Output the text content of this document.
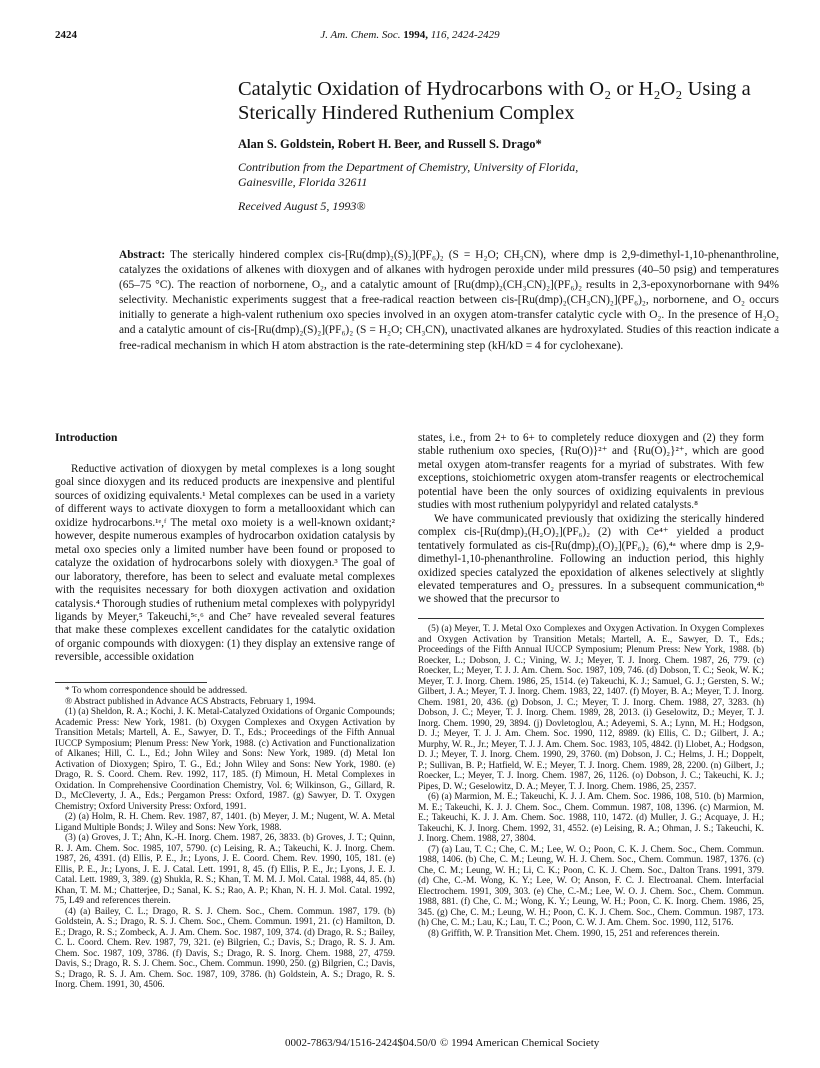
2424	J. Am. Chem. Soc. 1994, 116, 2424-2429
Catalytic Oxidation of Hydrocarbons with O₂ or H₂O₂ Using a Sterically Hindered Ruthenium Complex
Alan S. Goldstein, Robert H. Beer, and Russell S. Drago*
Contribution from the Department of Chemistry, University of Florida,
Gainesville, Florida 32611
Received August 5, 1993®
Abstract: The sterically hindered complex cis-[Ru(dmp)₂(S)₂](PF₆)₂ (S = H₂O; CH₃CN), where dmp is 2,9-dimethyl-1,10-phenanthroline, catalyzes the oxidations of alkenes with dioxygen and of alkanes with hydrogen peroxide under mild pressures (40–50 psig) and temperatures (65–75 °C). The reaction of norbornene, O₂, and a catalytic amount of [Ru(dmp)₂(CH₃CN)₂](PF₆)₂ results in 2,3-epoxynorbornane with 94% selectivity. Mechanistic experiments suggest that a free-radical reaction between cis-[Ru(dmp)₂(CH₃CN)₂](PF₆)₂, norbornene, and O₂ occurs initially to generate a high-valent ruthenium oxo species involved in an oxygen atom-transfer catalytic cycle with O₂. In the presence of H₂O₂ and a catalytic amount of cis-[Ru(dmp)₂(S)₂](PF₆)₂ (S = H₂O; CH₃CN), unactivated alkanes are hydroxylated. Studies of this reaction indicate a free-radical mechanism in which H atom abstraction is the rate-determining step (kH/kD = 4 for cyclohexane).
Introduction

Reductive activation of dioxygen by metal complexes is a long sought goal since dioxygen and its reduced products are inexpensive and plentiful sources of oxidizing equivalents.¹ Metal complexes can be used in a variety of different ways to activate dioxygen to form a metallooxidant which can oxidize hydrocarbons.¹ᵉ,ᶠ The metal oxo moiety is a well-known oxidant;² however, despite numerous examples of hydrocarbon oxidation catalysis by metal oxo species only a limited number have been found or proposed to catalyze the oxidation of hydrocarbons solely with dioxygen.³ The goal of our laboratory, therefore, has been to select and evaluate metal complexes with the requisites necessary for both dioxygen activation and oxidation catalysis.⁴ Thorough studies of ruthenium metal complexes with polypyridyl ligands by Meyer,⁵ Takeuchi,⁵ᶜ,⁶ and Che⁷ have revealed several features that make these complexes excellent candidates for the catalytic oxidation of organic compounds with dioxygen: (1) they display an extensive range of reversible, accessible oxidation

states, i.e., from 2+ to 6+ to completely reduce dioxygen and (2) they form stable ruthenium oxo species, {Ru(O)}²⁺ and {Ru(O)₂}²⁺, which are good metal oxygen atom-transfer reagents for a myriad of substrates. With few exceptions, stoichiometric oxygen atom-transfer reagents or electrochemical potential have been the only sources of oxidizing equivalents in previous studies with most ruthenium polypyridyl and related catalysts.⁸

We have communicated previously that oxidizing the sterically hindered complex cis-[Ru(dmp)₂(H₂O)₂](PF₆)₂ (2) with Ce⁴⁺ yielded a product tentatively formulated as cis-[Ru(dmp)₂(O)₂](PF₆)₂ (6),⁴ᵃ where dmp is 2,9-dimethyl-1,10-phenanthroline. Following an induction period, this highly oxidized species catalyzed the epoxidation of alkenes selectively at slightly elevated temperatures and O₂ pressures. In a subsequent communication,⁴ᵇ we showed that the precursor to

* To whom correspondence should be addressed.

® Abstract published in Advance ACS Abstracts, February 1, 1994.

(1) (a) Sheldon, R. A.; Kochi, J. K. Metal-Catalyzed Oxidations of Organic Compounds; Academic Press: New York, 1981. (b) Oxygen Complexes and Oxygen Activation by Transition Metals; Martell, A. E., Sawyer, D. T., Eds.; Proceedings of the Fifth Annual IUCCP Symposium; Plenum Press: New York, 1988. (c) Activation and Functionalization of Alkanes; Hill, C. L., Ed.; John Wiley and Sons: New York, 1989. (d) Metal Ion Activation of Dioxygen; Spiro, T. G., Ed.; John Wiley and Sons: New York, 1980. (e) Drago, R. S. Coord. Chem. Rev. 1992, 117, 185. (f) Mimoun, H. Metal Complexes in Oxidation. In Comprehensive Coordination Chemistry, Vol. 6; Wilkinson, G., Gillard, R. D., McCleverty, J. A., Eds.; Pergamon Press: Oxford, 1987. (g) Sawyer, D. T. Oxygen Chemistry; Oxford University Press: Oxford, 1991.

(2) (a) Holm, R. H. Chem. Rev. 1987, 87, 1401. (b) Meyer, J. M.; Nugent, W. A. Metal Ligand Multiple Bonds; J. Wiley and Sons: New York, 1988.

(3) (a) Groves, J. T.; Ahn, K.-H. Inorg. Chem. 1987, 26, 3833. (b) Groves, J. T.; Quinn, R. J. Am. Chem. Soc. 1985, 107, 5790. (c) Leising, R. A.; Takeuchi, K. J. Inorg. Chem. 1987, 26, 4391. (d) Ellis, P. E., Jr.; Lyons, J. E. Coord. Chem. Rev. 1990, 105, 181. (e) Ellis, P. E., Jr.; Lyons, J. E. J. Catal. Lett. 1991, 8, 45. (f) Ellis, P. E., Jr.; Lyons, J. E. J. Catal. Lett. 1989, 3, 389. (g) Shukla, R. S.; Khan, T. M. M. J. Mol. Catal. 1988, 44, 85. (h) Khan, T. M. M.; Chatterjee, D.; Sanal, K. S.; Rao, A. P.; Khan, N. H. J. Mol. Catal. 1992, 75, L49 and references therein.

(4) (a) Bailey, C. L.; Drago, R. S. J. Chem. Soc., Chem. Commun. 1987, 179. (b) Goldstein, A. S.; Drago, R. S. J. Chem. Soc., Chem. Commun. 1991, 21. (c) Hamilton, D. E.; Drago, R. S.; Zombeck, A. J. Am. Chem. Soc. 1987, 109, 374. (d) Drago, R. S.; Bailey, C. L. Coord. Chem. Rev. 1987, 79, 321. (e) Bilgrien, C.; Davis, S.; Drago, R. S. J. Am. Chem. Soc. 1987, 109, 3786. (f) Davis, S.; Drago, R. S. Inorg. Chem. 1988, 27, 4759. Davis, S.; Drago, R. S. J. Chem. Soc., Chem. Commun. 1990, 250. (g) Bilgrien, C.; Davis, S.; Drago, R. S. J. Am. Chem. Soc. 1987, 109, 3786. (h) Goldstein, A. S.; Drago, R. S. Inorg. Chem. 1991, 30, 4506.

(5) (a) Meyer, T. J. Metal Oxo Complexes and Oxygen Activation. In Oxygen Complexes and Oxygen Activation by Transition Metals; Martell, A. E., Sawyer, D. T., Eds.; Proceedings of the Fifth Annual IUCCP Symposium; Plenum Press: New York, 1988. (b) Roecker, L.; Dobson, J. C.; Vining, W. J.; Meyer, T. J. Inorg. Chem. 1987, 26, 779. (c) Roecker, L.; Meyer, T. J. J. Am. Chem. Soc. 1987, 109, 746. (d) Dobson, T. C.; Seok, W. K.; Meyer, T. J. Inorg. Chem. 1986, 25, 1514. (e) Takeuchi, K. J.; Samuel, G. J.; Gersten, S. W.; Gilbert, J. A.; Meyer, T. J. Inorg. Chem. 1983, 22, 1407. (f) Moyer, B. A.; Meyer, T. J. Inorg. Chem. 1981, 20, 436. (g) Dobson, J. C.; Meyer, T. J. Inorg. Chem. 1988, 27, 3283. (h) Dobson, J. C.; Meyer, T. J. Inorg. Chem. 1989, 28, 2013. (i) Geselowitz, D.; Meyer, T. J. Inorg. Chem. 1990, 29, 3894. (j) Dovletoglou, A.; Adeyemi, S. A.; Lynn, M. H.; Hodgson, D. J.; Meyer, T. J. J. Am. Chem. Soc. 1990, 112, 8989. (k) Ellis, C. D.; Gilbert, J. A.; Murphy, W. R., Jr.; Meyer, T. J. J. Am. Chem. Soc. 1983, 105, 4842. (l) Llobet, A.; Hodgson, D. J.; Meyer, T. J. Inorg. Chem. 1990, 29, 3760. (m) Dobson, J. C.; Helms, J. H.; Doppelt, P.; Sullivan, B. P.; Hatfield, W. E.; Meyer, T. J. Inorg. Chem. 1989, 28, 2200. (n) Gilbert, J.; Roecker, L.; Meyer, T. J. Inorg. Chem. 1987, 26, 1126. (o) Dobson, J. C.; Takeuchi, K. J.; Pipes, D. W.; Geselowitz, D. A.; Meyer, T. J. Inorg. Chem. 1986, 25, 2357.

(6) (a) Marmion, M. E.; Takeuchi, K. J. J. Am. Chem. Soc. 1986, 108, 510. (b) Marmion, M. E.; Takeuchi, K. J. J. Chem. Soc., Chem. Commun. 1987, 108, 1396. (c) Marmion, M. E.; Takeuchi, K. J. J. Am. Chem. Soc. 1988, 110, 1472. (d) Muller, J. G.; Acquaye, J. H.; Takeuchi, K. J. Inorg. Chem. 1992, 31, 4552. (e) Leising, R. A.; Ohman, J. S.; Takeuchi, K. J. Inorg. Chem. 1988, 27, 3804.

(7) (a) Lau, T. C.; Che, C. M.; Lee, W. O.; Poon, C. K. J. Chem. Soc., Chem. Commun. 1988, 1406. (b) Che, C. M.; Leung, W. H. J. Chem. Soc., Chem. Commun. 1987, 1376. (c) Che, C. M.; Leung, W. H.; Li, C. K.; Poon, C. K. J. Chem. Soc., Dalton Trans. 1991, 379. (d) Che, C.-M. Wong, K. Y.; Lee, W. O; Anson, F. C. J. Electroanal. Chem. Interfacial Electrochem. 1991, 309, 303. (e) Che, C.-M.; Lee, W. O. J. Chem. Soc., Chem. Commun. 1988, 881. (f) Che, C. M.; Wong, K. Y.; Leung, W. H.; Poon, C. K. Inorg. Chem. 1986, 25, 345. (g) Che, C. M.; Leung, W. H.; Poon, C. K. J. Chem. Soc., Chem. Commun. 1987, 173. (h) Che, C. M.; Lau, K.; Lau, T. C.; Poon, C. W. J. Am. Chem. Soc. 1990, 112, 5176.

(8) Griffith, W. P. Transition Met. Chem. 1990, 15, 251 and references therein.

0002-7863/94/1516-2424$04.50/0 © 1994 American Chemical Society
